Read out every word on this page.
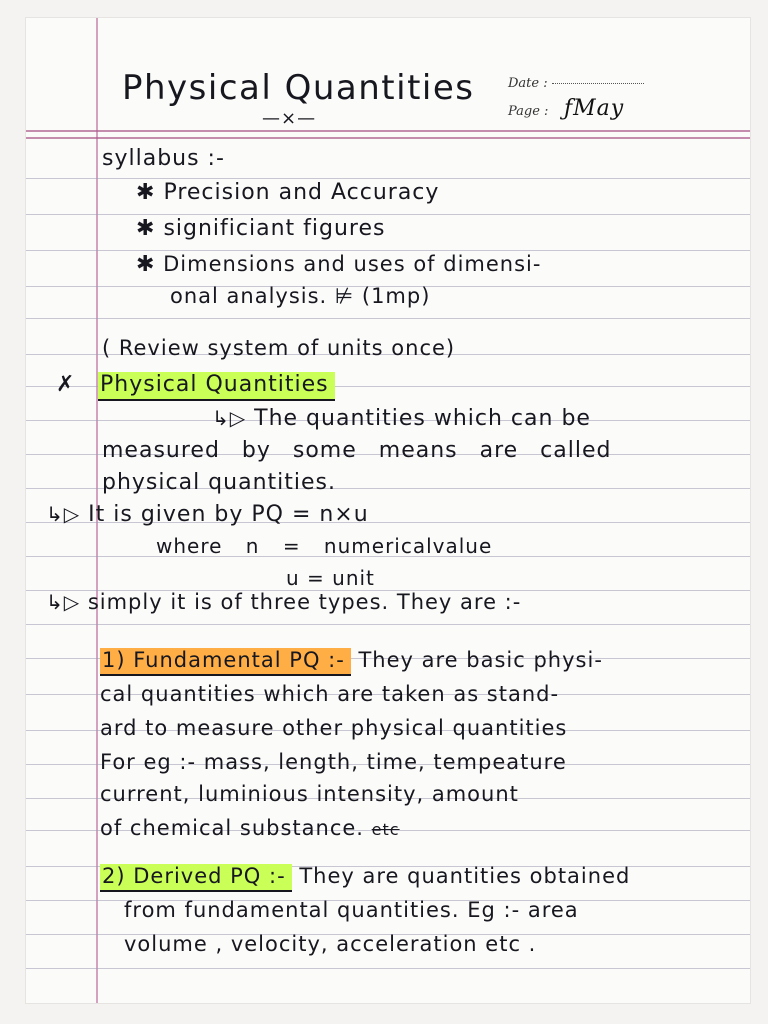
Physical Quantities
—×—
Date :
Page : ƒMay
syllabus :-
✱ Precision and Accuracy
✱ significiant figures
✱ Dimensions and uses of dimensi-
onal analysis. ⊭ (1mp)
( Review system of units once)
✗ Physical Quantities
↳▷ The quantities which can be
measured by some means are called
physical quantities.
↳▷ It is given by PQ = n×u
where n = numericalvalue
u = unit
↳▷ simply it is of three types. They are :-
1) Fundamental PQ :- They are basic physi-
cal quantities which are taken as stand-
ard to measure other physical quantities
For eg :- mass, length, time, tempeature
current, luminious intensity, amount
of chemical substance. etc
2) Derived PQ :- They are quantities obtained
from fundamental quantities. Eg :- area
volume , velocity, acceleration etc .
